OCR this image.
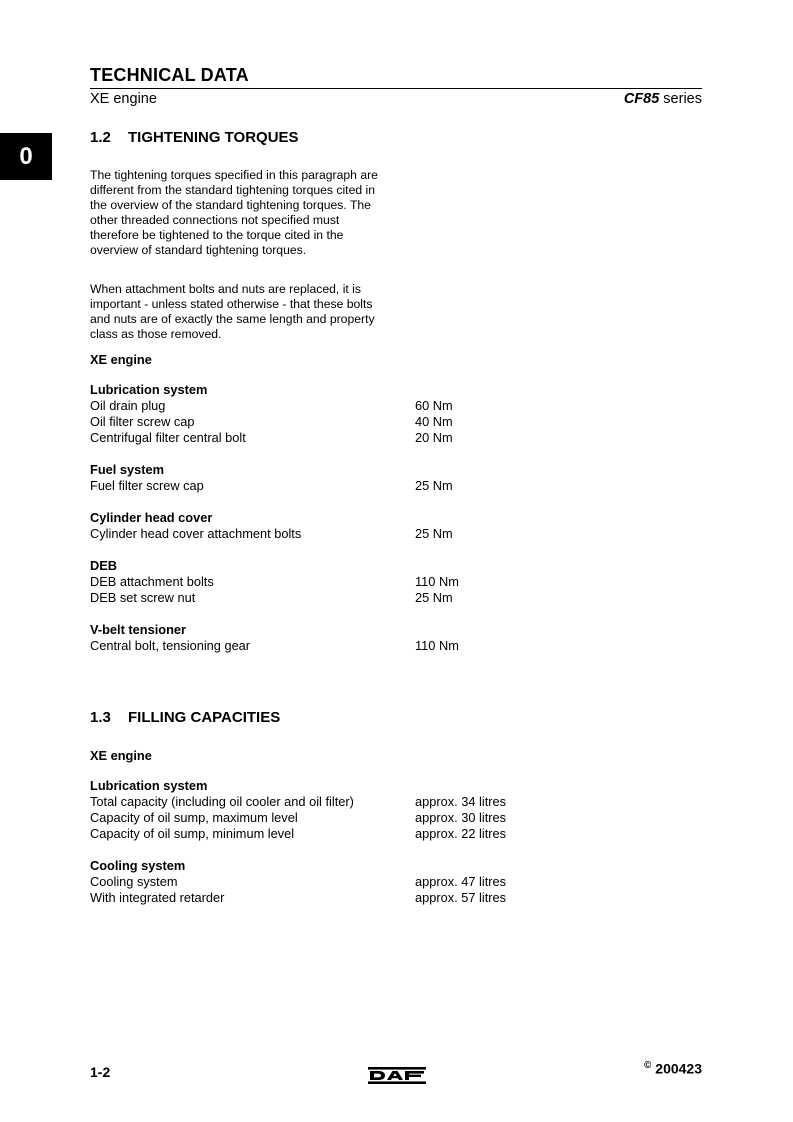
TECHNICAL DATA
XE engine	CF85 series
0
1.2 TIGHTENING TORQUES
The tightening torques specified in this paragraph are different from the standard tightening torques cited in the overview of the standard tightening torques. The other threaded connections not specified must therefore be tightened to the torque cited in the overview of standard tightening torques.
When attachment bolts and nuts are replaced, it is important - unless stated otherwise - that these bolts and nuts are of exactly the same length and property class as those removed.
XE engine
Lubrication system
Oil drain plug	60 Nm
Oil filter screw cap	40 Nm
Centrifugal filter central bolt	20 Nm
Fuel system
Fuel filter screw cap	25 Nm
Cylinder head cover
Cylinder head cover attachment bolts	25 Nm
DEB
DEB attachment bolts	110 Nm
DEB set screw nut	25 Nm
V-belt tensioner
Central bolt, tensioning gear	110 Nm
1.3 FILLING CAPACITIES
XE engine
Lubrication system
Total capacity (including oil cooler and oil filter)	approx. 34 litres
Capacity of oil sump, maximum level	approx. 30 litres
Capacity of oil sump, minimum level	approx. 22 litres
Cooling system
Cooling system	approx. 47 litres
With integrated retarder	approx. 57 litres
1-2	© 200423
